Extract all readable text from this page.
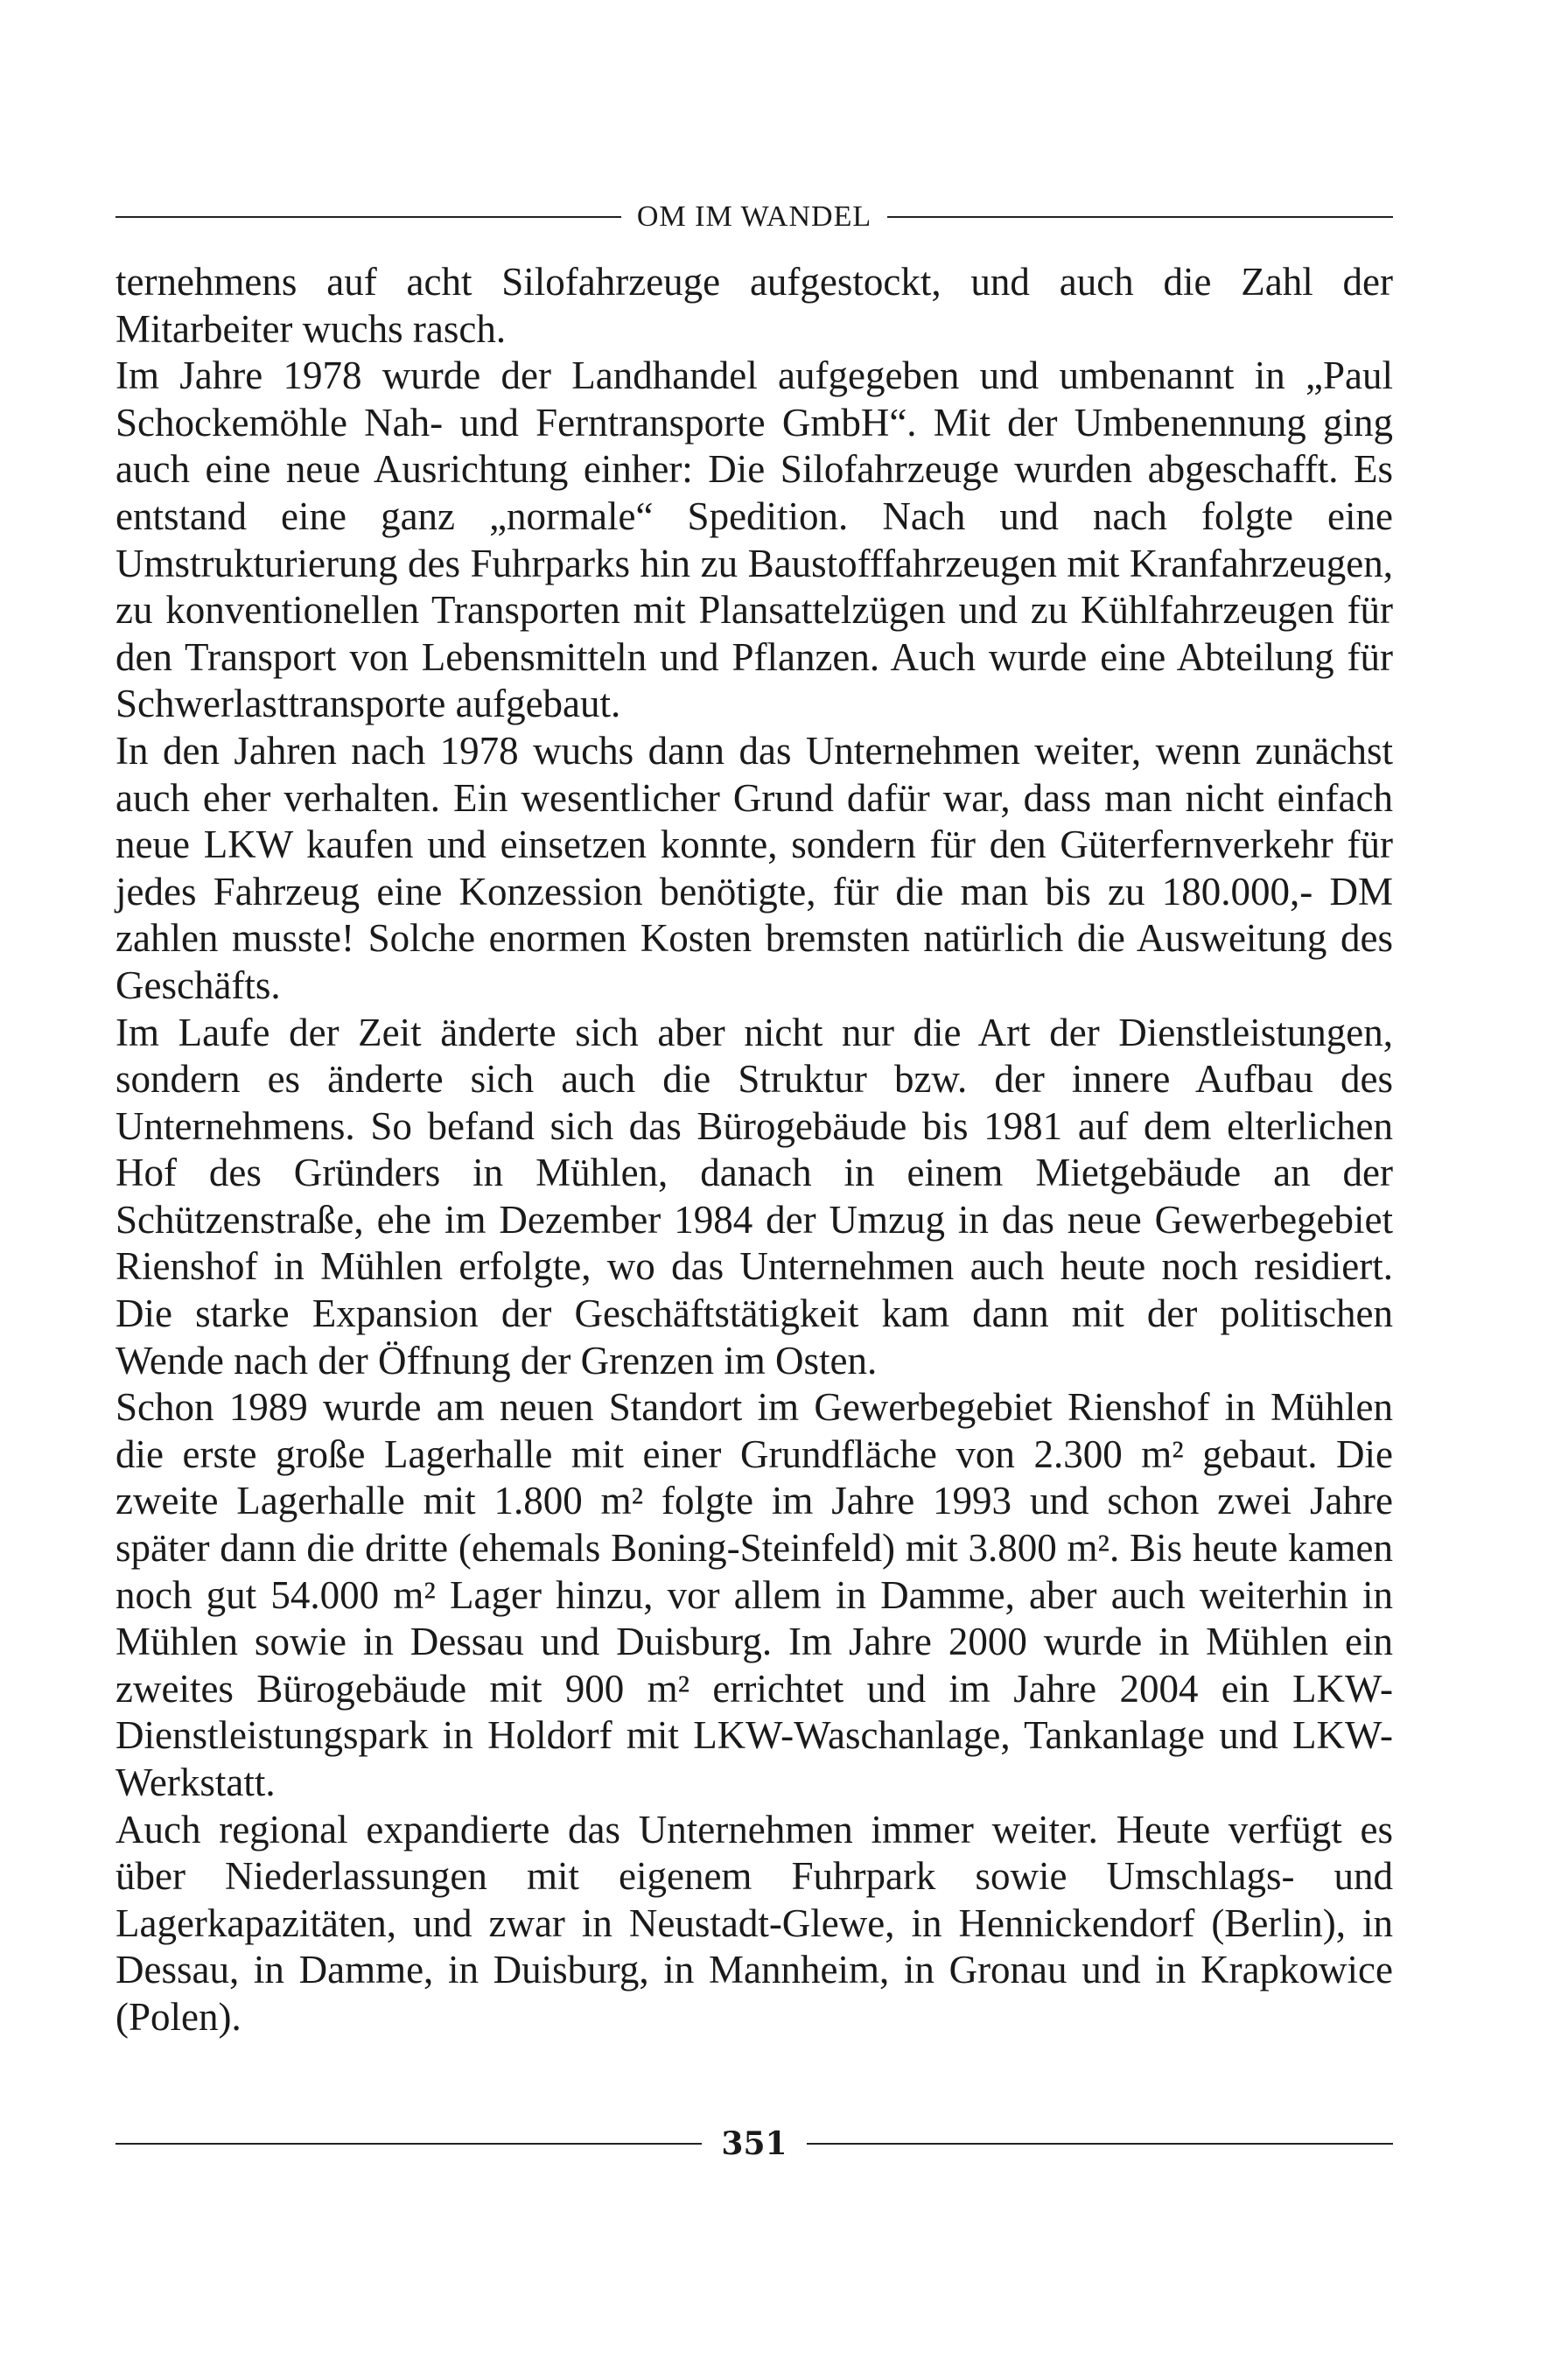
OM IM WANDEL

ternehmens auf acht Silofahrzeuge aufgestockt, und auch die Zahl der Mitarbeiter wuchs rasch.

Im Jahre 1978 wurde der Landhandel aufgegeben und umbenannt in „Paul Schockemöhle Nah- und Ferntransporte GmbH“. Mit der Umbenennung ging auch eine neue Ausrichtung einher: Die Silofahrzeuge wurden abgeschafft. Es entstand eine ganz „normale“ Spedition. Nach und nach folgte eine Umstrukturierung des Fuhrparks hin zu Baustofffahrzeugen mit Kranfahrzeugen, zu konventionellen Transporten mit Plansattelzügen und zu Kühlfahrzeugen für den Transport von Lebensmitteln und Pflanzen. Auch wurde eine Abteilung für Schwerlasttransporte aufgebaut.

In den Jahren nach 1978 wuchs dann das Unternehmen weiter, wenn zunächst auch eher verhalten. Ein wesentlicher Grund dafür war, dass man nicht einfach neue LKW kaufen und einsetzen konnte, sondern für den Güterfernverkehr für jedes Fahrzeug eine Konzession benötigte, für die man bis zu 180.000,- DM zahlen musste! Solche enormen Kosten bremsten natürlich die Ausweitung des Geschäfts.

Im Laufe der Zeit änderte sich aber nicht nur die Art der Dienstleistungen, sondern es änderte sich auch die Struktur bzw. der innere Aufbau des Unternehmens. So befand sich das Bürogebäude bis 1981 auf dem elterlichen Hof des Gründers in Mühlen, danach in einem Mietgebäude an der Schützenstraße, ehe im Dezember 1984 der Umzug in das neue Gewerbegebiet Rienshof in Mühlen erfolgte, wo das Unternehmen auch heute noch residiert. Die starke Expansion der Geschäftstätigkeit kam dann mit der politischen Wende nach der Öffnung der Grenzen im Osten.

Schon 1989 wurde am neuen Standort im Gewerbegebiet Rienshof in Mühlen die erste große Lagerhalle mit einer Grundfläche von 2.300 m² gebaut. Die zweite Lagerhalle mit 1.800 m² folgte im Jahre 1993 und schon zwei Jahre später dann die dritte (ehemals Boning-Steinfeld) mit 3.800 m². Bis heute kamen noch gut 54.000 m² Lager hinzu, vor allem in Damme, aber auch weiterhin in Mühlen sowie in Dessau und Duisburg. Im Jahre 2000 wurde in Mühlen ein zweites Bürogebäude mit 900 m² errichtet und im Jahre 2004 ein LKW-Dienstleistungspark in Holdorf mit LKW-Waschanlage, Tankanlage und LKW-Werkstatt.

Auch regional expandierte das Unternehmen immer weiter. Heute verfügt es über Niederlassungen mit eigenem Fuhrpark sowie Umschlags- und Lagerkapazitäten, und zwar in Neustadt-Glewe, in Hennickendorf (Berlin), in Dessau, in Damme, in Duisburg, in Mannheim, in Gronau und in Krapkowice (Polen).

351
